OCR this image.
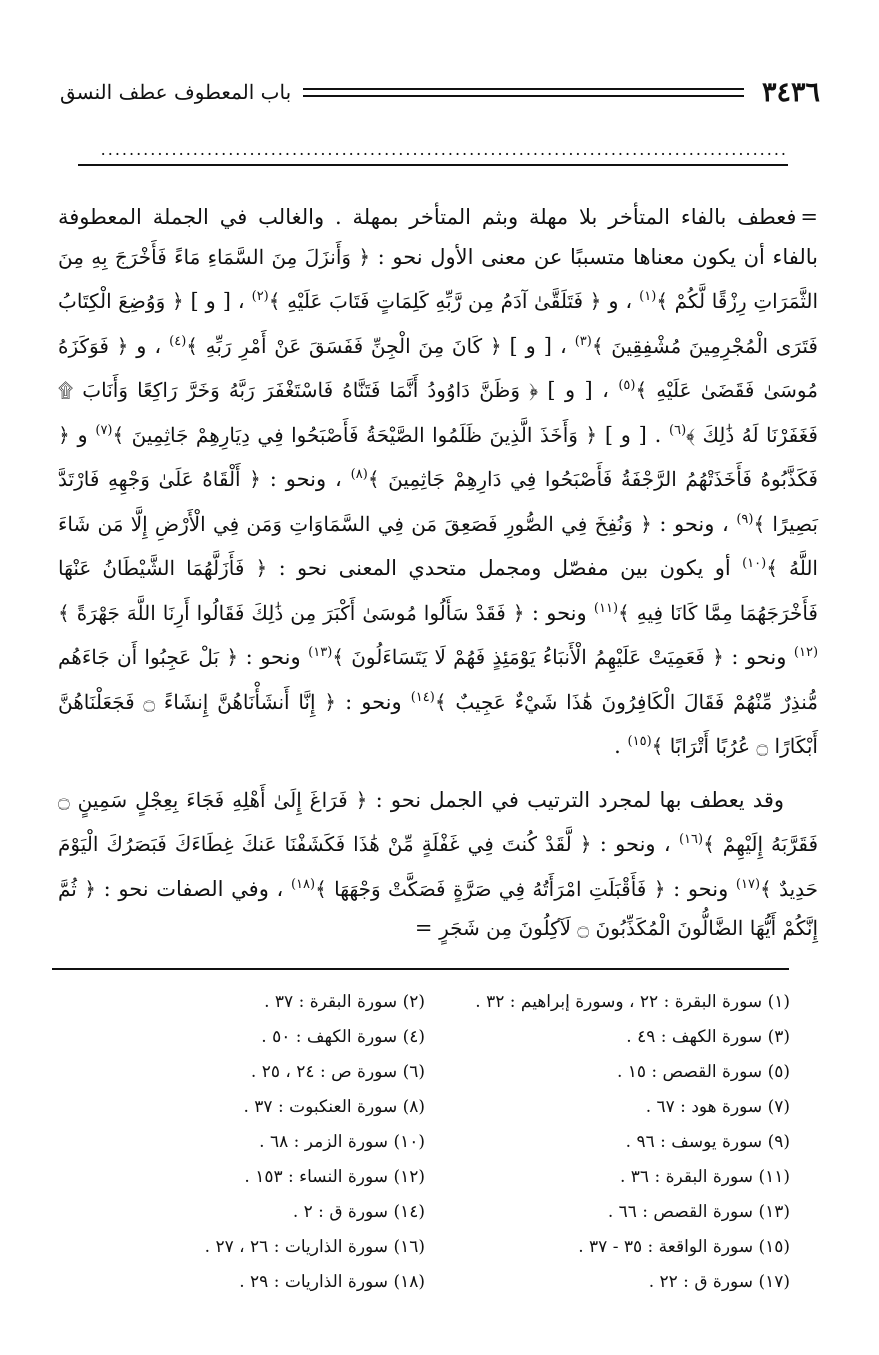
٣٤٣٦
باب المعطوف عطف النسق
.................................................................................................

=فعطف بالفاء المتأخر بلا مهلة وبثم المتأخر بمهلة . والغالب في الجملة المعطوفة بالفاء أن يكون معناها متسببًا عن معنى الأول نحو : ﴿ وَأَنزَلَ مِنَ السَّمَاءِ مَاءً فَأَخْرَجَ بِهِ مِنَ الثَّمَرَاتِ رِزْقًا لَّكُمْ ﴾$^{(١)}$ ، و ﴿ فَتَلَقَّىٰ آدَمُ مِن رَّبِّهِ كَلِمَاتٍ فَتَابَ عَلَيْهِ ﴾$^{(٢)}$ ، [ و ] ﴿ وَوُضِعَ الْكِتَابُ فَتَرَى الْمُجْرِمِينَ مُشْفِقِينَ ﴾$^{(٣)}$ ، [ و ] ﴿ كَانَ مِنَ الْجِنِّ فَفَسَقَ عَنْ أَمْرِ رَبِّهِ ﴾$^{(٤)}$ ، و ﴿ فَوَكَزَهُ مُوسَىٰ فَقَضَىٰ عَلَيْهِ ﴾$^{(٥)}$ ، [ و ] ﴿ وَظَنَّ دَاوُودُ أَنَّمَا فَتَنَّاهُ فَاسْتَغْفَرَ رَبَّهُ وَخَرَّ رَاكِعًا وَأَنَابَ ۩ فَغَفَرْنَا لَهُ ذَٰلِكَ ﴾$^{(٦)}$ . [ و ] ﴿ وَأَخَذَ الَّذِينَ ظَلَمُوا الصَّيْحَةُ فَأَصْبَحُوا فِي دِيَارِهِمْ جَاثِمِينَ ﴾$^{(٧)}$ و ﴿ فَكَذَّبُوهُ فَأَخَذَتْهُمُ الرَّجْفَةُ فَأَصْبَحُوا فِي دَارِهِمْ جَاثِمِينَ ﴾$^{(٨)}$ ، ونحو : ﴿ أَلْقَاهُ عَلَىٰ وَجْهِهِ فَارْتَدَّ بَصِيرًا ﴾$^{(٩)}$ ، ونحو : ﴿ وَنُفِخَ فِي الصُّورِ فَصَعِقَ مَن فِي السَّمَاوَاتِ وَمَن فِي الْأَرْضِ إِلَّا مَن شَاءَ اللَّهُ ﴾$^{(١٠)}$ أو يكون بين مفصّل ومجمل متحدي المعنى نحو : ﴿ فَأَزَلَّهُمَا الشَّيْطَانُ عَنْهَا فَأَخْرَجَهُمَا مِمَّا كَانَا فِيهِ ﴾$^{(١١)}$ ونحو : ﴿ فَقَدْ سَأَلُوا مُوسَىٰ أَكْبَرَ مِن ذَٰلِكَ فَقَالُوا أَرِنَا اللَّهَ جَهْرَةً ﴾$^{(١٢)}$ ونحو : ﴿ فَعَمِيَتْ عَلَيْهِمُ الْأَنبَاءُ يَوْمَئِذٍ فَهُمْ لَا يَتَسَاءَلُونَ ﴾$^{(١٣)}$ ونحو : ﴿ بَلْ عَجِبُوا أَن جَاءَهُم مُّنذِرٌ مِّنْهُمْ فَقَالَ الْكَافِرُونَ هَٰذَا شَيْءٌ عَجِيبٌ ﴾$^{(١٤)}$ ونحو : ﴿ إِنَّا أَنشَأْنَاهُنَّ إِنشَاءً ۝ فَجَعَلْنَاهُنَّ أَبْكَارًا ۝ عُرُبًا أَتْرَابًا ﴾$^{(١٥)}$ .

وقد يعطف بها لمجرد الترتيب في الجمل نحو : ﴿ فَرَاغَ إِلَىٰ أَهْلِهِ فَجَاءَ بِعِجْلٍ سَمِينٍ ۝ فَقَرَّبَهُ إِلَيْهِمْ ﴾$^{(١٦)}$ ، ونحو : ﴿ لَّقَدْ كُنتَ فِي غَفْلَةٍ مِّنْ هَٰذَا فَكَشَفْنَا عَنكَ غِطَاءَكَ فَبَصَرُكَ الْيَوْمَ حَدِيدٌ ﴾$^{(١٧)}$ ونحو : ﴿ فَأَقْبَلَتِ امْرَأَتُهُ فِي صَرَّةٍ فَصَكَّتْ وَجْهَهَا ﴾$^{(١٨)}$ ، وفي الصفات نحو : ﴿ ثُمَّ إِنَّكُمْ أَيُّهَا الضَّالُّونَ الْمُكَذِّبُونَ ۝ لَآكِلُونَ مِن شَجَرٍ =

(١) سورة البقرة : ٢٢ ، وسورة إبراهيم : ٣٢ .
(٢) سورة البقرة : ٣٧ .
(٣) سورة الكهف : ٤٩ .
(٤) سورة الكهف : ٥٠ .
(٥) سورة القصص : ١٥ .
(٦) سورة ص : ٢٤ ، ٢٥ .
(٧) سورة هود : ٦٧ .
(٨) سورة العنكبوت : ٣٧ .
(٩) سورة يوسف : ٩٦ .
(١٠) سورة الزمر : ٦٨ .
(١١) سورة البقرة : ٣٦ .
(١٢) سورة النساء : ١٥٣ .
(١٣) سورة القصص : ٦٦ .
(١٤) سورة ق : ٢ .
(١٥) سورة الواقعة : ٣٥ - ٣٧ .
(١٦) سورة الذاريات : ٢٦ ، ٢٧ .
(١٧) سورة ق : ٢٢ .
(١٨) سورة الذاريات : ٢٩ .
